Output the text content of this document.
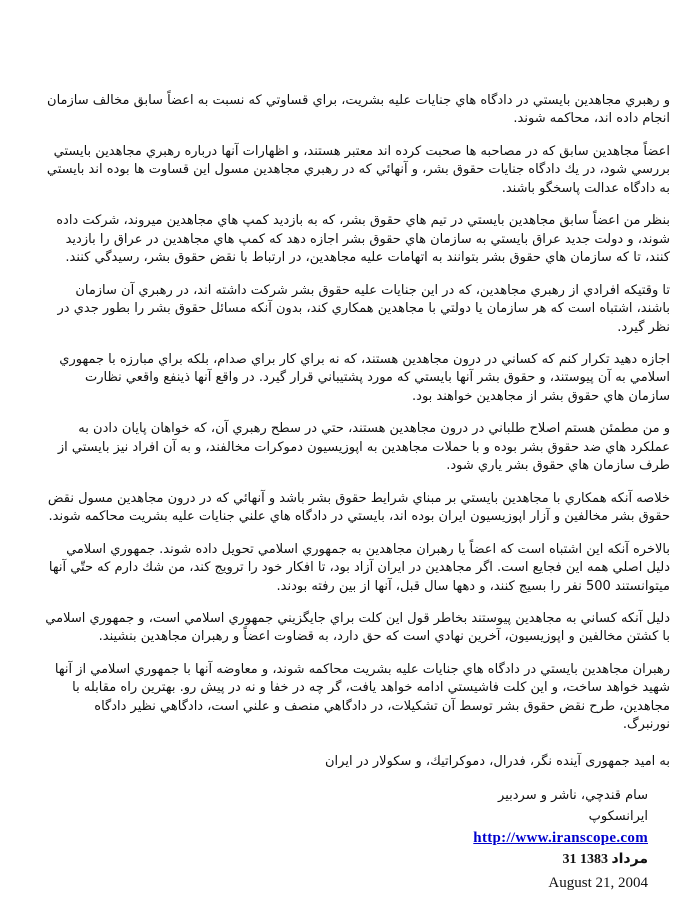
و رهبري مجاهدين بايستي در دادگاه هاي جنايات عليه بشريت، براي قساوتي كه نسبت به اعضاً سابق مخالف سازمان انجام داده اند، محاكمه شوند.

اعضاً مجاهدين سابق كه در مصاحبه ها صحبت كرده اند معتبر هستند، و اظهارات آنها درباره رهبري مجاهدين بايستي بررسي شود، در يك دادگاه جنايات حقوق بشر، و آنهائي كه در رهبري مجاهدين مسول اين قساوت ها بوده اند بايستي به دادگاه عدالت پاسخگو باشند.

بنظر من اعضاً سابق مجاهدين بايستي در تيم هاي حقوق بشر، كه به بازديد كمپ هاي مجاهدين ميروند، شركت داده شوند، و دولت جديد عراق بايستي به سازمان هاي حقوق بشر اجازه دهد كه كمپ هاي مجاهدين در عراق را بازديد كنند، تا كه سازمان هاي حقوق بشر بتوانند به اتهامات عليه مجاهدين، در ارتباط با نقض حقوق بشر، رسيدگي كنند.

تا وقتيكه افرادي از رهبري مجاهدين، كه در اين جنايات عليه حقوق بشر شركت داشته اند، در رهبري آن سازمان باشند، اشتباه است كه هر سازمان يا دولتي با مجاهدين همكاري كند، بدون آنكه مسائل حقوق بشر را بطور جدي در نظر گيرد.

اجازه دهيد تكرار كنم كه كساني در درون مجاهدين هستند، كه نه براي كار براي صدام، بلكه براي مبارزه با جمهوري اسلامي به آن پيوستند، و حقوق بشر آنها بايستي كه مورد پشتيباني قرار گيرد. در واقع آنها ذينفع واقعي نظارت سازمان هاي حقوق بشر از مجاهدين خواهند بود.

و من مطمئن هستم اصلاح طلباني در درون مجاهدين هستند، حتي در سطح رهبري آن، كه خواهان پايان دادن به عملكرد هاي ضد حقوق بشر بوده و با حملات مجاهدين به اپوزيسيون دموكرات مخالفند، و به آن افراد نيز بايستي از طرف سازمان هاي حقوق بشر ياري شود.

خلاصه آنكه همكاري با مجاهدين بايستي بر مبناي شرايط حقوق بشر باشد و آنهائي كه در درون مجاهدين مسول نقض حقوق بشر مخالفين و آزار اپوزيسيون ايران بوده اند، بايستي در دادگاه هاي علني جنايات عليه بشريت محاكمه شوند.

بالاخره آنكه اين اشتباه است كه اعضاً يا رهبران مجاهدين به جمهوري اسلامي تحويل داده شوند. جمهوري اسلامي دليل اصلي همه اين فجايع است. اگر مجاهدين در ايران آزاد بود، تا افكار خود را ترويج كند، من شك دارم كه حتّي آنها ميتوانستند 500 نفر را بسيج كنند، و دهها سال قبل، آنها از بين رفته بودند.

دليل آنكه كساني به مجاهدين پيوستند بخاطر قول اين كلت براي جايگزيني جمهوري اسلامي است، و جمهوري اسلامي با كشتن مخالفين و اپوزيسيون، آخرين نهادي است كه حق دارد، به قضاوت اعضاً و رهبران مجاهدين بنشيند.

رهبران مجاهدين بايستي در دادگاه هاي جنايات عليه بشريت محاكمه شوند، و معاوضه آنها با جمهوري اسلامي از آنها شهيد خواهد ساخت، و اين كلت فاشيستي ادامه خواهد يافت، گر چه در خفا و نه در پيش رو. بهترين راه مقابله با مجاهدين، طرح نقض حقوق بشر توسط آن تشكيلات، در دادگاهي منصف و علني است، دادگاهي نظير دادگاه نورنبرگ.

به اميد جمهوری آينده نگر، فدرال، دموكراتيك، و سكولار در ايران

سام قندچي، ناشر و سردبير
ايرانسكوپ
http://www.iranscope.com
31 مرداد 1383
August 21, 2004
